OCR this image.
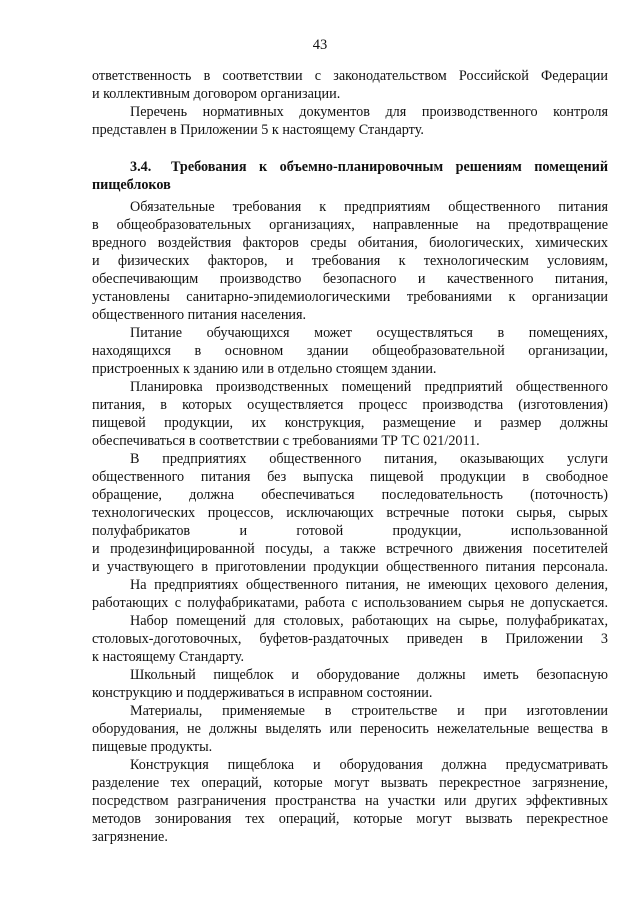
43
3.4. Требования к объемно-планировочным решениям помещений
пищеблоков
ответственность в соответствии с законодательством Российской Федерации
и коллективным договором организации.
Перечень нормативных документов для производственного контроля
представлен в Приложении 5 к настоящему Стандарту.
Обязательные требования к предприятиям общественного питания
в общеобразовательных организациях, направленные на предотвращение
вредного воздействия факторов среды обитания, биологических, химических
и физических факторов, и требования к технологическим условиям,
обеспечивающим производство безопасного и качественного питания,
установлены санитарно-эпидемиологическими требованиями к организации
общественного питания населения.
Питание обучающихся может осуществляться в помещениях,
находящихся в основном здании общеобразовательной организации,
пристроенных к зданию или в отдельно стоящем здании.
Планировка производственных помещений предприятий общественного
питания, в которых осуществляется процесс производства (изготовления)
пищевой продукции, их конструкция, размещение и размер должны
обеспечиваться в соответствии с требованиями ТР ТС 021/2011.
В предприятиях общественного питания, оказывающих услуги
общественного питания без выпуска пищевой продукции в свободное
обращение, должна обеспечиваться последовательность (поточность)
технологических процессов, исключающих встречные потоки сырья, сырых
полуфабрикатов и готовой продукции, использованной
и продезинфицированной посуды, а также встречного движения посетителей
и участвующего в приготовлении продукции общественного питания персонала.
На предприятиях общественного питания, не имеющих цехового деления,
работающих с полуфабрикатами, работа с использованием сырья не допускается.
Набор помещений для столовых, работающих на сырье, полуфабрикатах,
столовых-доготовочных, буфетов-раздаточных приведен в Приложении 3
к настоящему Стандарту.
Школьный пищеблок и оборудование должны иметь безопасную
конструкцию и поддерживаться в исправном состоянии.
Материалы, применяемые в строительстве и при изготовлении
оборудования, не должны выделять или переносить нежелательные вещества в
пищевые продукты.
Конструкция пищеблока и оборудования должна предусматривать
разделение тех операций, которые могут вызвать перекрестное загрязнение,
посредством разграничения пространства на участки или других эффективных
методов зонирования тех операций, которые могут вызвать перекрестное
загрязнение.
